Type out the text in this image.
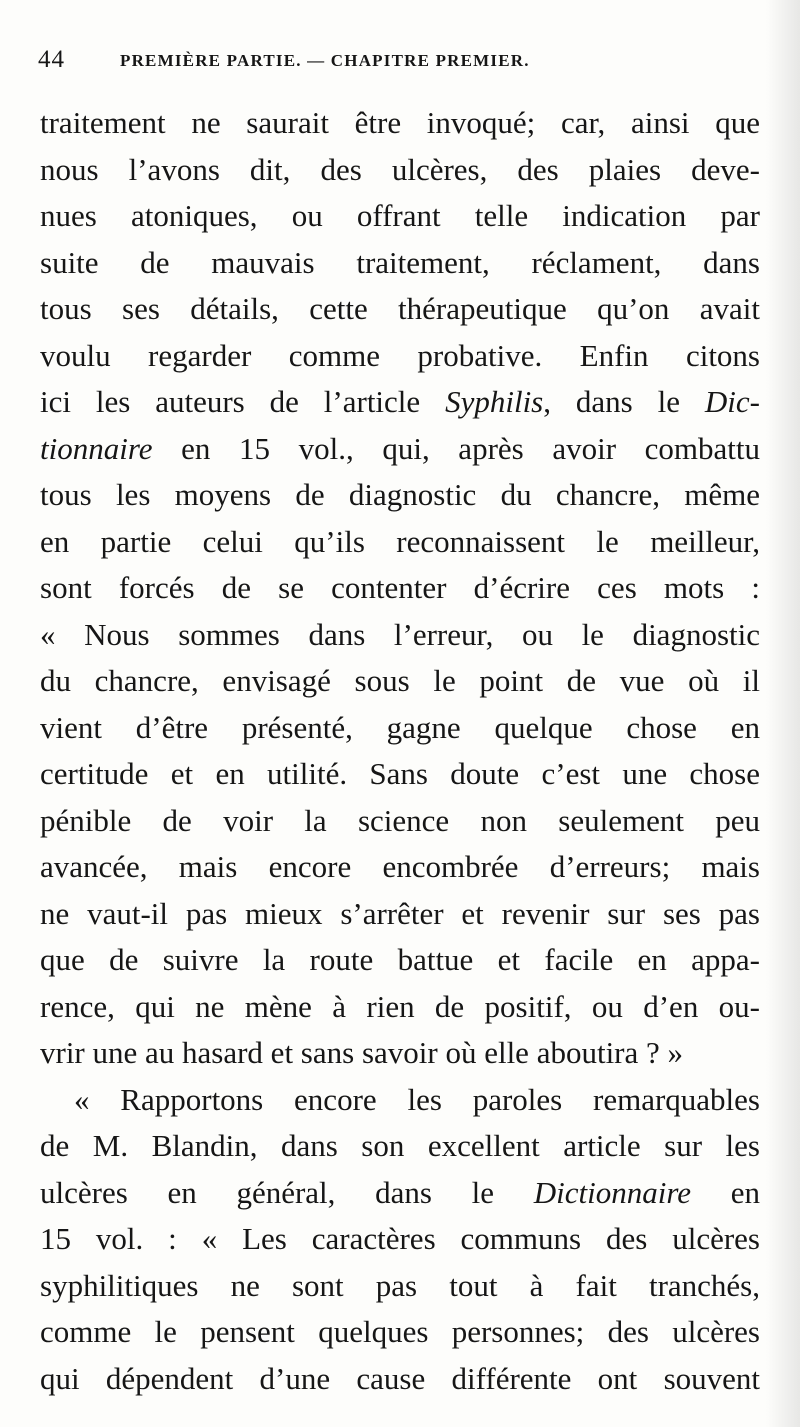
44	PREMIÈRE PARTIE. — CHAPITRE PREMIER.
traitement ne saurait être invoqué; car, ainsi que
nous l’avons dit, des ulcères, des plaies deve-
nues atoniques, ou offrant telle indication par
suite de mauvais traitement, réclament, dans
tous ses détails, cette thérapeutique qu’on avait
voulu regarder comme probative. Enfin citons
ici les auteurs de l’article Syphilis, dans le Dic-
tionnaire en 15 vol., qui, après avoir combattu
tous les moyens de diagnostic du chancre, même
en partie celui qu’ils reconnaissent le meilleur,
sont forcés de se contenter d’écrire ces mots :
« Nous sommes dans l’erreur, ou le diagnostic
du chancre, envisagé sous le point de vue où il
vient d’être présenté, gagne quelque chose en
certitude et en utilité. Sans doute c’est une chose
pénible de voir la science non seulement peu
avancée, mais encore encombrée d’erreurs; mais
ne vaut-il pas mieux s’arrêter et revenir sur ses pas
que de suivre la route battue et facile en appa-
rence, qui ne mène à rien de positif, ou d’en ou-
vrir une au hasard et sans savoir où elle aboutira ? »
« Rapportons encore les paroles remarquables
de M. Blandin, dans son excellent article sur les
ulcères en général, dans le Dictionnaire en
15 vol. : « Les caractères communs des ulcères
syphilitiques ne sont pas tout à fait tranchés,
comme le pensent quelques personnes; des ulcères
qui dépendent d’une cause différente ont souvent
